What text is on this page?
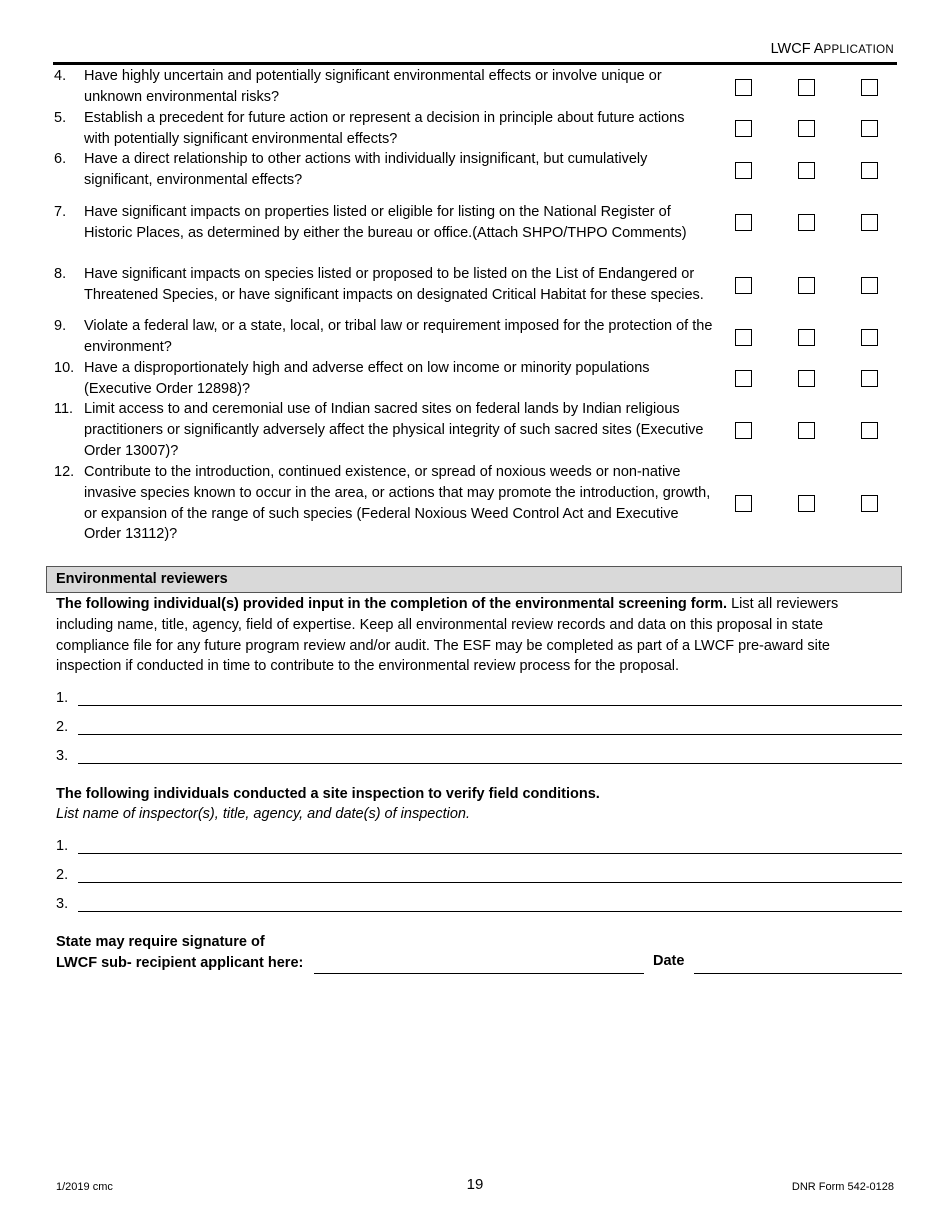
LWCF APPLICATION
4.	Have highly uncertain and potentially significant environmental effects or involve unique or unknown environmental risks?
5.	Establish a precedent for future action or represent a decision in principle about future actions with potentially significant environmental effects?
6.	Have a direct relationship to other actions with individually insignificant, but cumulatively significant, environmental effects?
7.	Have significant impacts on properties listed or eligible for listing on the National Register of Historic Places, as determined by either the bureau or office.(Attach SHPO/THPO Comments)
8.	Have significant impacts on species listed or proposed to be listed on the List of Endangered or Threatened Species, or have significant impacts on designated Critical Habitat for these species.
9.	Violate a federal law, or a state, local, or tribal law or requirement imposed for the protection of the environment?
10. Have a disproportionately high and adverse effect on low income or minority populations (Executive Order 12898)?
11. Limit access to and ceremonial use of Indian sacred sites on federal lands by Indian religious practitioners or significantly adversely affect the physical integrity of such sacred sites (Executive Order 13007)?
12. Contribute to the introduction, continued existence, or spread of noxious weeds or non-native invasive species known to occur in the area, or actions that may promote the introduction, growth, or expansion of the range of such species (Federal Noxious Weed Control Act and Executive Order 13112)?
Environmental reviewers
The following individual(s) provided input in the completion of the environmental screening form. List all reviewers including name, title, agency, field of expertise. Keep all environmental review records and data on this proposal in state compliance file for any future program review and/or audit. The ESF may be completed as part of a LWCF pre-award site inspection if conducted in time to contribute to the environmental review process for the proposal.
1.
2.
3.
The following individuals conducted a site inspection to verify field conditions.
List name of inspector(s), title, agency, and date(s) of inspection.
1.
2.
3.
State may require signature of
LWCF sub- recipient applicant here:	Date
1/2019 cmc	19	DNR Form 542-0128
